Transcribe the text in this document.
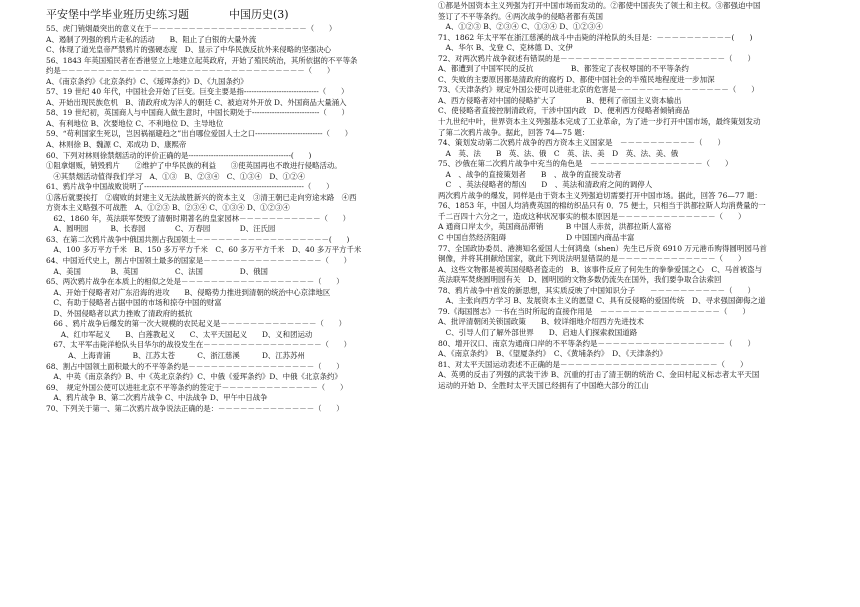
平安堡中学毕业班历史练习题	中国历史(3)
55、虎门销烟最突出的意义在于－－－－－－－－－－－－－－－－－－－－－（　　）
A、遏制了列强的鸦片走私的活动　　B、阻止了白银的大量外流
C、体现了道光皇帝严禁鸦片的强硬态度　D、显示了中华民族反抗外来侵略的坚强决心
56、1843 年英国殖民者在香港竖立上地建立起英政府，开始了殖民统治，其所依据的不平等条
约是－－－－－－－－－－－－－－－－－－－－－－－－－－－－－－－－－（　　）
A、《南京条约》《北京条约》C、《瑷珲条约》D、《九国条约》
57、19 世纪 40 年代，中国社会开始了巨变。巨变主要是指------------------------------（　　）
A、开始出现民族危机　B、清政府成为洋人的朝廷 C、被迫对外开放 D、外国商品大量涌入
58、19 世纪初，英国商人与中国商人做生意时，中国长期处于---------------------------（　　）
A、有利地位 B、次要地位 C、不利地位 D、主导地位
59、“苟利国家生死以，岂因祸福避趋之”出自哪位爱国人士之口---------------------------（　　）
A、林则徐 B、魏源 C、邓成功 D、康熙帝
60、下列对林则徐禁烟活动的评价正确的是-----------------------------------------(　　)
①阻拿烟贩，销毁鸦片　　②维护了中华民族的利益　　③使英国再也不敢进行侵略活动。
　④其禁烟活动值得我们学习　A、①③　B、②③④　C、①③④　D、①②④
61、鸦片战争中国战败说明了----------------------------------------------------------------（　　）
①落后就要挨打　②腐败的封建主义无法战胜新兴的资本主义　③清王朝已走向穷途末路　④西
方资本主义略强不可战胜　A、①②③ B、②③④ C、①③④ D、①②③④
　62、1860 年，英法联军焚毁了清朝时期著名的皇家园林－－－－－－－－－－－（　　）
　A、圆明园　　　B、长春园　　　　C、万春园　　　　D、汪氏园
63、在第二次鸦片战争中俄国共割占我国领土－－－－－－－－－－－－－－－－－－(　　)
　A、100 多万平方千米　B、150 多万平方千米　C、60 多万平方千米　D、40 多万平方千米
64、中国近代史上，割占中国领土最多的国家是－－－－－－－－－－－－－－－－（　　）
　A、美国　　　　B、英国　　　　　C、法国　　　　　D、俄国
65、两次鸦片战争在本质上的相似之处是－－－－－－－－－－－－－－－－－－（　　）
　A、开始于侵略者对广东沿海的进攻　　B、侵略势力推进到清朝的统治中心京津地区
　C、有助于侵略者占据中国的市场和掠夺中国的财富
　D、外国侵略者以武力挫败了清政府的抵抗
　66 、鸦片战争后爆发的第一次大规模的农民起义是－－－－－－－－－－－－－（　　）
　　A、红巾军起义　　B、白莲教起义　　C、太平天国起义　　D、义和团运动
　67、太平军击毙洋枪队头目华尔的战役发生在－－－－－－－－－－－－－－－－（　　）
　　　A、上海青浦　　　B、江苏太苍　　　C、浙江慈溪　　　D、江苏苏州
68、割占中国领土面积最大的不平等条约是－－－－－－－－－－－－－－－－－（　　）
　A、中英《南京条约》B、中《英北京条约》C、中俄《爱珲条约》D、中俄《北京条约》
69、　规定外国公使可以进驻北京不平等条约的签定于－－－－－－－－－－－－－（　　）
　A、鸦片战争 B、第二次鸦片战争 C、中法战争 D、甲午中日战争
70、下列关于第一、第二次鸦片战争说法正确的是：－－－－－－－－－－－－－（　　）
①都是外国资本主义列强为打开中国市场而发动的。②都使中国丧失了领土和主权。③都强迫中国
签订了不平等条约。④两次战争的侵略者都有英国
　A、①②③ B、②③④ C、①③④ D、①②③④
71、1862 年太平军在浙江慈溪的战斗中击毙的洋枪队的头目是：－－－－－－－－－－(　　)
　A、华尔 B、戈登 C、克林德 D、文伊
72、对两次鸦片战争叙述有错误的是－－－－－－－－－－－－－－－－－－－－－－（　　）
A、都遭到了中国军民的反抗　　　　　B、都签定了丧权辱国的不平等条约
C、失败的主要原因都是清政府的腐朽 D、都使中国社会的半殖民地程度进一步加深
73、《天津条约》规定外国公使可以进驻北京的危害是－－－－－－－－－－－－－－－（　　）
A、西方侵略者对中国的侵略扩大了　　　　B、便利了帝国主义资本输出
C、使侵略者直接控制清政府，干涉中国内政　D、便利西方侵略者倾销商品
十九世纪中叶，世界资本主义列强基本完成了工业革命，为了进一步打开中国市场，最终策划发动
了第二次鸦片战争。据此，回答 74—75 题：
74、策划发动第二次鸦片战争的西方资本主义国家是　－－－－－－－－－－（　　）
　A　英、法　　B　英、法、俄　C　英、法、美　D　英、法、美、俄
75、沙俄在第二次鸦片战争中充当的角色是　－－－－－－－－－－－－－－－（　　）
　A　、战争的直接策划者　　B　、战争的直接发动者
　C　、英法侵略者的帮凶　　D　、英法和清政府之间的调停人
两次鸦片战争的爆发，同样是由于资本主义列强迫切需要打开中国市场。据此，回答 76—77 题：
76、1853 年，中国人均消费英国的棉纺织品只有 0．75 便士，只相当于洪都拉斯人均消费量的一
千二百四十六分之一，造成这种状况事实的根本原因是－－－－－－－－－－－－－（　　）
A 通商口岸太少，英国商品滞销　　　B 中国人赤贫，洪都拉斯人富裕
C 中国自然经济阻碍　　　　　　　　D 中国国内商品丰富
77、全国政协委员、港澳知名爱国人士何鸿燊（shen）先生已斥资 6910 万元港币购得圆明园马首
铜像，并将其捐献给国家，就此下列说法明显错误的是－－－－－－－－－－－－－（　　）
A、这些文物都是被英国侵略者盗走的　B、该事件反应了何先生的拳拳爱国之心　C、马首被盗与
英法联军焚烧圆明园有关　D、圆明园的文物多数仍流失在国外，我们要争取合法索回
78、鸦片战争中首发的新思想，其实质反映了中国知识分子　　－－－－－－－－－－（　　）
　A、主张向西方学习 B、发展资本主义的愿望 C、具有反侵略的爱国传统　D、寻求强国御侮之道
79.《海国图志》一书在当时所起的直接作用是　－－－－－－－－－－－－－－－－（　　）
A、批评清朝闭关锁国政策　　B、较详细地介绍西方先进技术
　C、引导人们了解外部世界　　D、启迪人们探索救国道路
80、增开汉口、南京为通商口岸的不平等条约是－－－－－－－－－－－－－－－－－（　　）
A、《南京条约》　B、《望厦条约》　C、《黄埔条约》　D、《天津条约》
81、对太平天国运动表述不正确的是－－－－－－－－－－－－－－－－－－－－－（　　）
A、英勇的反击了列强的武装干涉 B、沉重的打击了清王朝的统治 C、金田村起义标志者太平天国
运动的开始 D、全胜时太平天国已经拥有了中国绝大部分的江山
